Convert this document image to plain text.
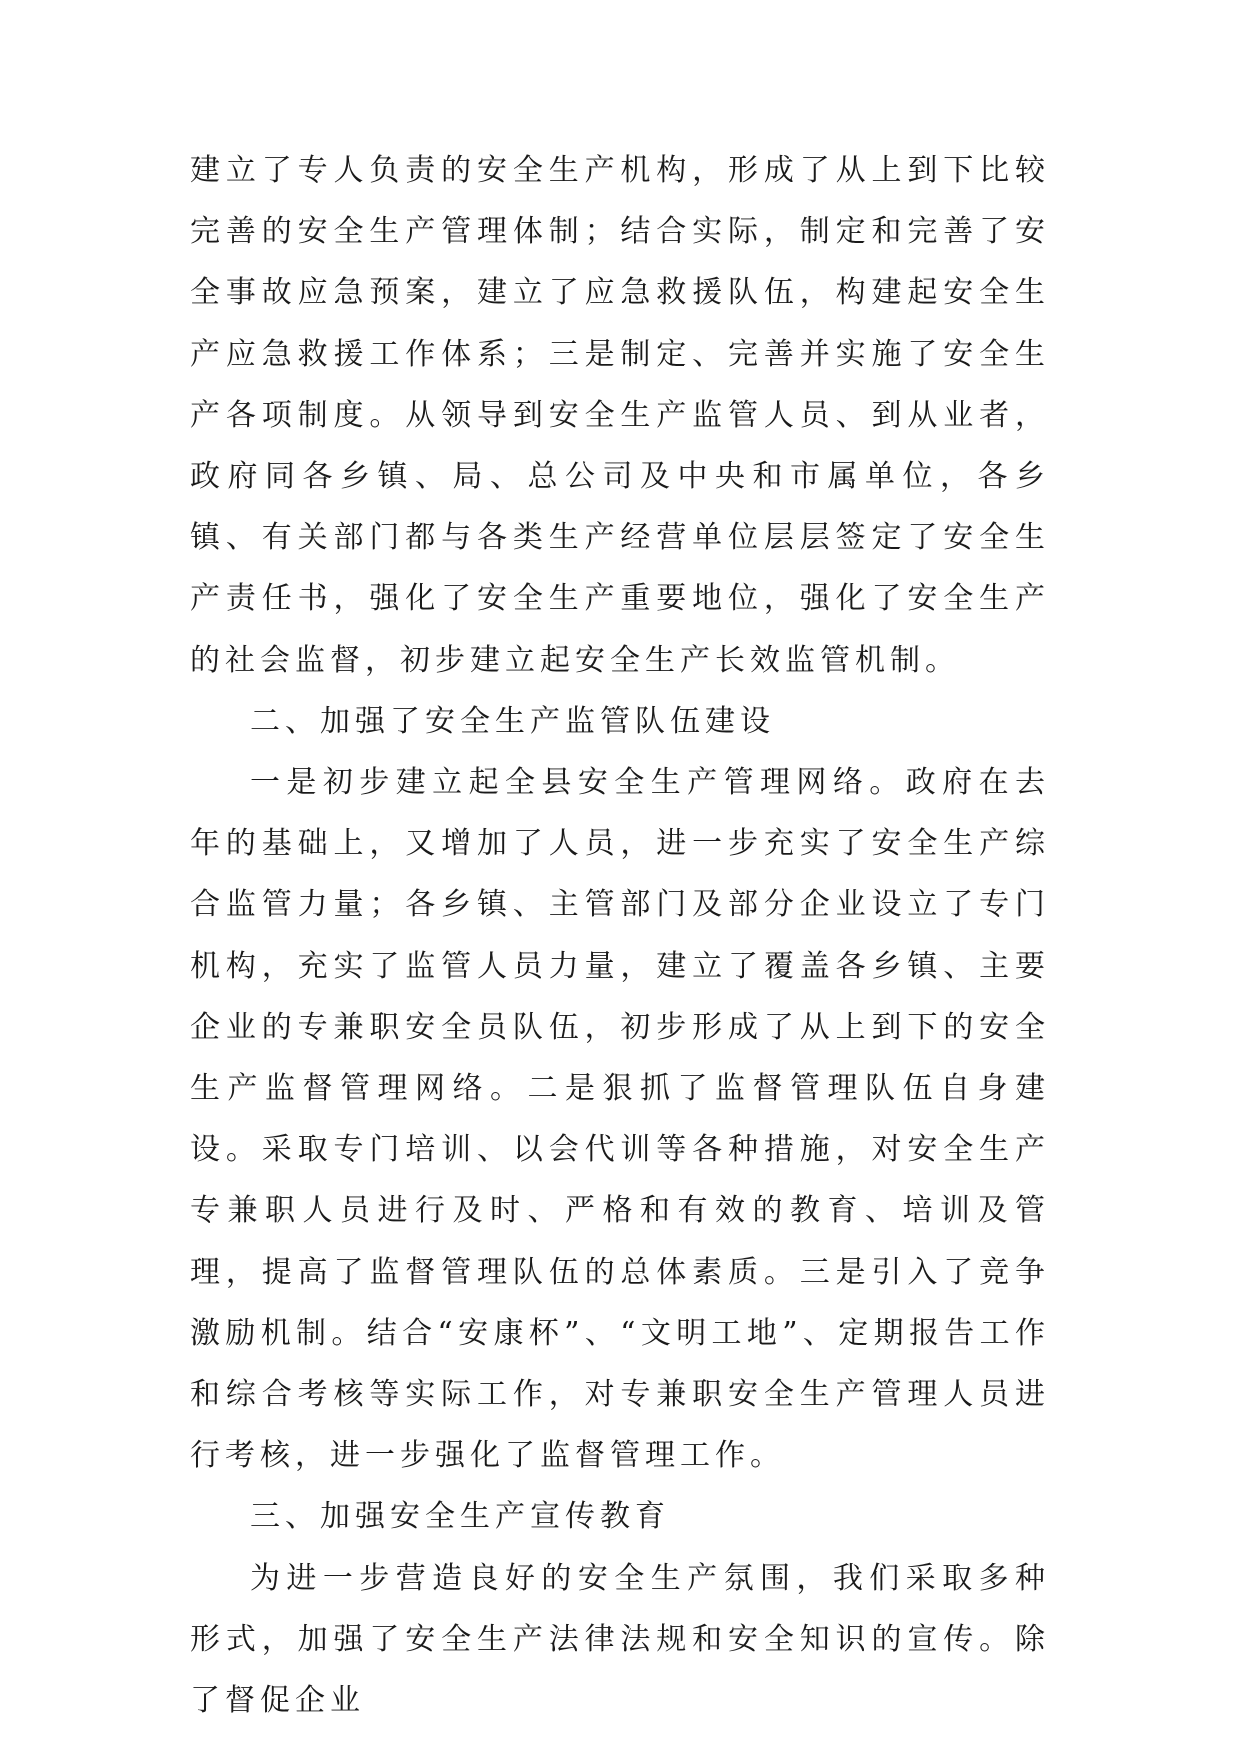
建立了专人负责的安全生产机构，形成了从上到下比较完善的安全生产管理体制；结合实际，制定和完善了安全事故应急预案，建立了应急救援队伍，构建起安全生产应急救援工作体系；三是制定、完善并实施了安全生产各项制度。从领导到安全生产监管人员、到从业者，政府同各乡镇、局、总公司及中央和市属单位，各乡镇、有关部门都与各类生产经营单位层层签定了安全生产责任书，强化了安全生产重要地位，强化了安全生产的社会监督，初步建立起安全生产长效监管机制。

二、加强了安全生产监管队伍建设

一是初步建立起全县安全生产管理网络。政府在去年的基础上，又增加了人员，进一步充实了安全生产综合监管力量；各乡镇、主管部门及部分企业设立了专门机构，充实了监管人员力量，建立了覆盖各乡镇、主要企业的专兼职安全员队伍，初步形成了从上到下的安全生产监督管理网络。二是狠抓了监督管理队伍自身建设。采取专门培训、以会代训等各种措施，对安全生产专兼职人员进行及时、严格和有效的教育、培训及管理，提高了监督管理队伍的总体素质。三是引入了竞争激励机制。结合“安康杯”、“文明工地”、定期报告工作和综合考核等实际工作，对专兼职安全生产管理人员进行考核，进一步强化了监督管理工作。

三、加强安全生产宣传教育

为进一步营造良好的安全生产氛围，我们采取多种形式，加强了安全生产法律法规和安全知识的宣传。除了督促企业
